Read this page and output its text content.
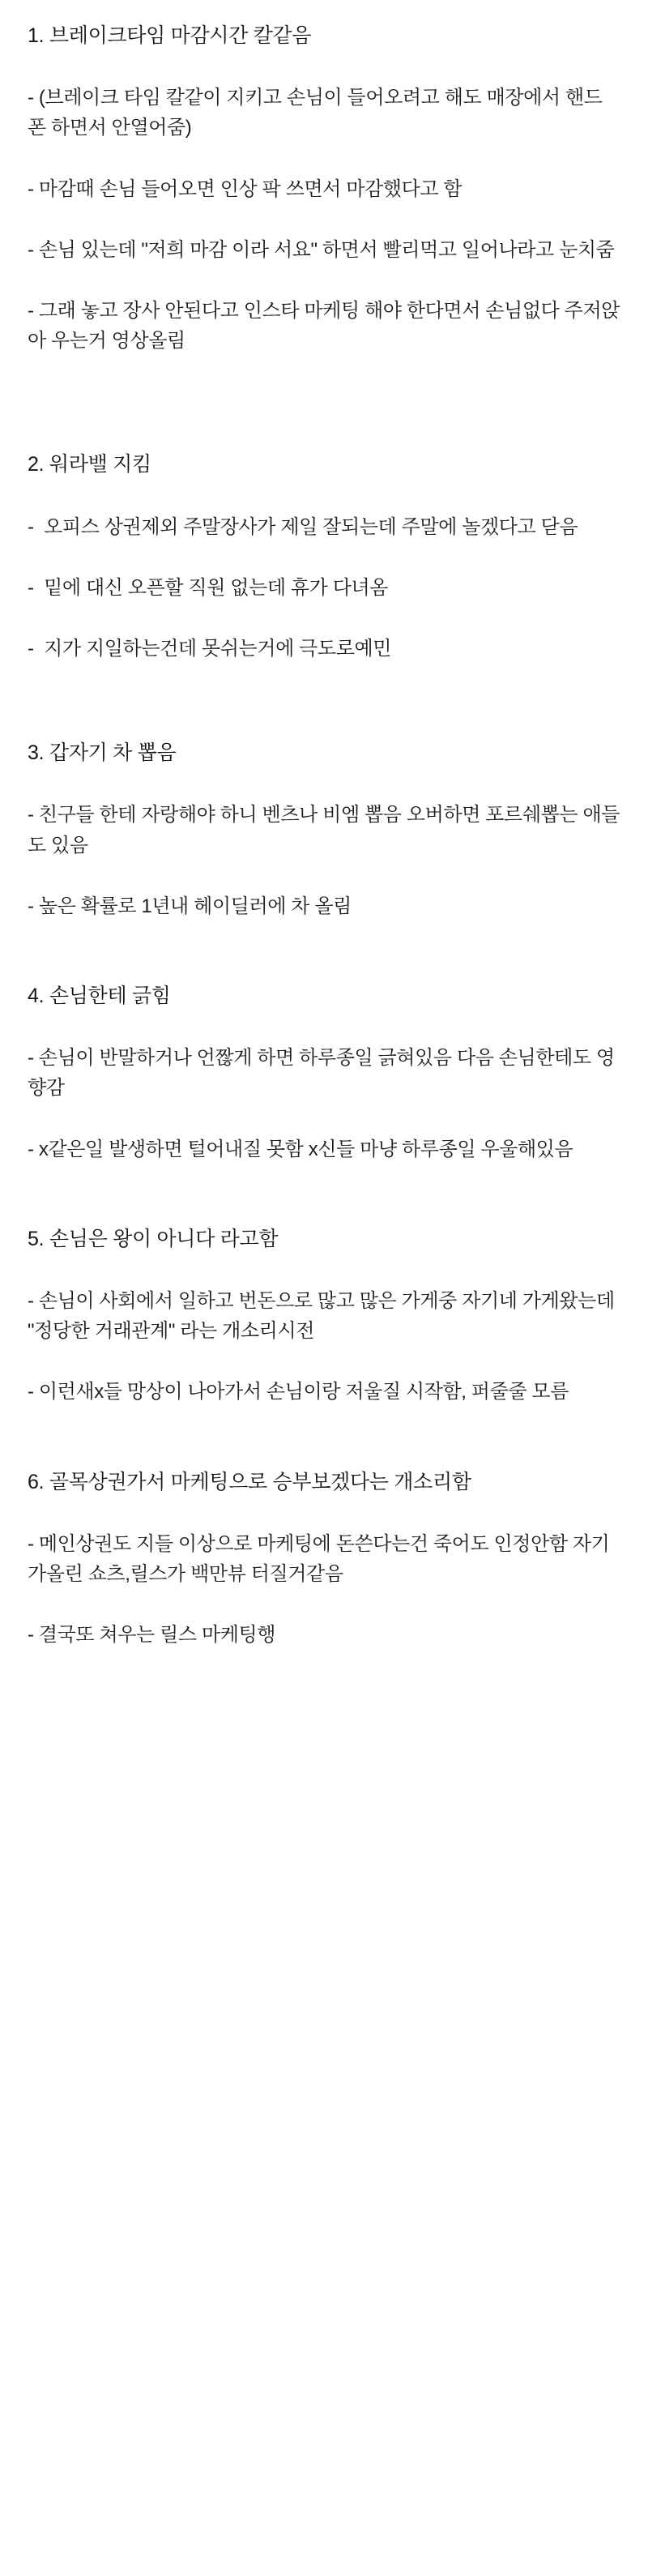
1. 브레이크타임 마감시간 칼같음
- (브레이크 타임 칼같이 지키고 손님이 들어오려고 해도 매장에서 핸드폰 하면서 안열어줌)
- 마감때 손님 들어오면 인상 팍 쓰면서 마감했다고 함
- 손님 있는데 "저희 마감 이라 서요" 하면서 빨리먹고 일어나라고 눈치줌
- 그래 놓고 장사 안된다고 인스타 마케팅 해야 한다면서 손님없다 주저앉아 우는거 영상올림
2. 워라밸 지킴
-  오피스 상권제외 주말장사가 제일 잘되는데 주말에 놀겠다고 닫음
-  밑에 대신 오픈할 직원 없는데 휴가 다녀옴
-  지가 지일하는건데 못쉬는거에 극도로예민
3. 갑자기 차 뽑음
- 친구들 한테 자랑해야 하니 벤츠나 비엠 뽑음 오버하면 포르쉐뽑는 애들도 있음
- 높은 확률로 1년내 헤이딜러에 차 올림
4. 손님한테 긁힘
- 손님이 반말하거나 언짢게 하면 하루종일 긁혀있음 다음 손님한테도 영향감
- x같은일 발생하면 털어내질 못함 x신들 마냥 하루종일 우울해있음
5. 손님은 왕이 아니다 라고함
- 손님이 사회에서 일하고 번돈으로 많고 많은 가게중 자기네 가게왔는데 "정당한 거래관계" 라는 개소리시전
- 이런새x들 망상이 나아가서 손님이랑 저울질 시작함, 퍼줄줄 모름
6. 골목상권가서 마케팅으로 승부보겠다는 개소리함
- 메인상권도 지들 이상으로 마케팅에 돈쓴다는건 죽어도 인정안함 자기가올린 쇼츠,릴스가 백만뷰 터질거같음
- 결국또 쳐우는 릴스 마케팅행
